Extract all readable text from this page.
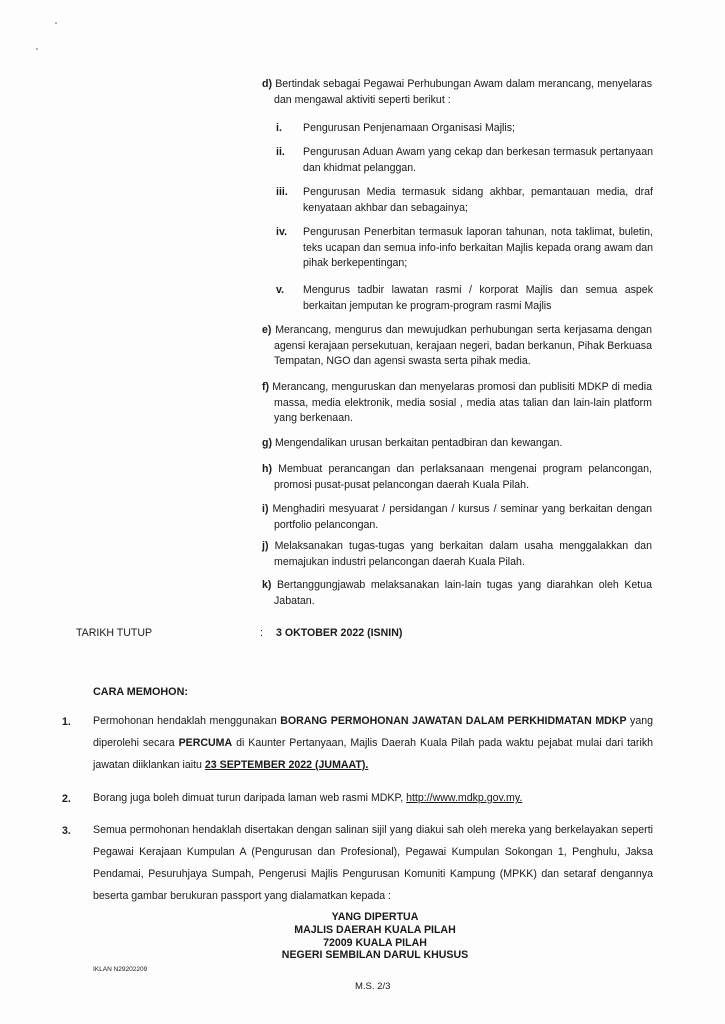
d) Bertindak sebagai Pegawai Perhubungan Awam dalam merancang, menyelaras dan mengawal aktiviti seperti berikut :
i. Pengurusan Penjenamaan Organisasi Majlis;
ii. Pengurusan Aduan Awam yang cekap dan berkesan termasuk pertanyaan dan khidmat pelanggan.
iii. Pengurusan Media termasuk sidang akhbar, pemantauan media, draf kenyataan akhbar dan sebagainya;
iv. Pengurusan Penerbitan termasuk laporan tahunan, nota taklimat, buletin, teks ucapan dan semua info-info berkaitan Majlis kepada orang awam dan pihak berkepentingan;
v. Mengurus tadbir lawatan rasmi / korporat Majlis dan semua aspek berkaitan jemputan ke program-program rasmi Majlis
e) Merancang, mengurus dan mewujudkan perhubungan serta kerjasama dengan agensi kerajaan persekutuan, kerajaan negeri, badan berkanun, Pihak Berkuasa Tempatan, NGO dan agensi swasta serta pihak media.
f) Merancang, menguruskan dan menyelaras promosi dan publisiti MDKP di media massa, media elektronik, media sosial , media atas talian dan lain-lain platform yang berkenaan.
g) Mengendalikan urusan berkaitan pentadbiran dan kewangan.
h) Membuat perancangan dan perlaksanaan mengenai program pelancongan, promosi pusat-pusat pelancongan daerah Kuala Pilah.
i) Menghadiri mesyuarat / persidangan / kursus / seminar yang berkaitan dengan portfolio pelancongan.
j) Melaksanakan tugas-tugas yang berkaitan dalam usaha menggalakkan dan memajukan industri pelancongan daerah Kuala Pilah.
k) Bertanggungjawab melaksanakan lain-lain tugas yang diarahkan oleh Ketua Jabatan.
TARIKH TUTUP	: 3 OKTOBER 2022 (ISNIN)
CARA MEMOHON:
1. Permohonan hendaklah menggunakan BORANG PERMOHONAN JAWATAN DALAM PERKHIDMATAN MDKP yang diperolehi secara PERCUMA di Kaunter Pertanyaan, Majlis Daerah Kuala Pilah pada waktu pejabat mulai dari tarikh jawatan diiklankan iaitu 23 SEPTEMBER 2022 (JUMAAT).
2. Borang juga boleh dimuat turun daripada laman web rasmi MDKP, http://www.mdkp.gov.my.
3. Semua permohonan hendaklah disertakan dengan salinan sijil yang diakui sah oleh mereka yang berkelayakan seperti Pegawai Kerajaan Kumpulan A (Pengurusan dan Profesional), Pegawai Kumpulan Sokongan 1, Penghulu, Jaksa Pendamai, Pesuruhjaya Sumpah, Pengerusi Majlis Pengurusan Komuniti Kampung (MPKK) dan setaraf dengannya beserta gambar berukuran passport yang dialamatkan kepada :
YANG DIPERTUA
MAJLIS DAERAH KUALA PILAH
72009 KUALA PILAH
NEGERI SEMBILAN DARUL KHUSUS
IKLAN N29202209
M.S. 2/3
